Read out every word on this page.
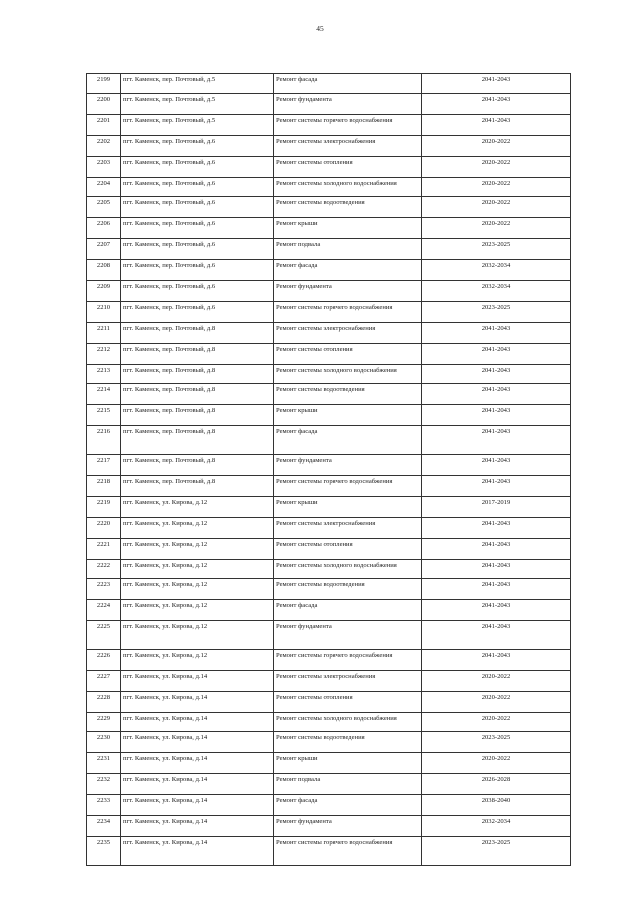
45
2199	пгт. Каменск, пер. Почтовый, д.5	Ремонт фасада	2041-2043
2200	пгт. Каменск, пер. Почтовый, д.5	Ремонт фундамента	2041-2043
2201	пгт. Каменск, пер. Почтовый, д.5	Ремонт системы горячего водоснабжения	2041-2043
2202	пгт. Каменск, пер. Почтовый, д.6	Ремонт системы электроснабжения	2020-2022
2203	пгт. Каменск, пер. Почтовый, д.6	Ремонт системы отопления	2020-2022
2204	пгт. Каменск, пер. Почтовый, д.6	Ремонт системы холодного водоснабжения	2020-2022
2205	пгт. Каменск, пер. Почтовый, д.6	Ремонт системы водоотведения	2020-2022
2206	пгт. Каменск, пер. Почтовый, д.6	Ремонт крыши	2020-2022
2207	пгт. Каменск, пер. Почтовый, д.6	Ремонт подвала	2023-2025
2208	пгт. Каменск, пер. Почтовый, д.6	Ремонт фасада	2032-2034
2209	пгт. Каменск, пер. Почтовый, д.6	Ремонт фундамента	2032-2034
2210	пгт. Каменск, пер. Почтовый, д.6	Ремонт системы горячего водоснабжения	2023-2025
2211	пгт. Каменск, пер. Почтовый, д.8	Ремонт системы электроснабжения	2041-2043
2212	пгт. Каменск, пер. Почтовый, д.8	Ремонт системы отопления	2041-2043
2213	пгт. Каменск, пер. Почтовый, д.8	Ремонт системы холодного водоснабжения	2041-2043
2214	пгт. Каменск, пер. Почтовый, д.8	Ремонт системы водоотведения	2041-2043
2215	пгт. Каменск, пер. Почтовый, д.8	Ремонт крыши	2041-2043
2216	пгт. Каменск, пер. Почтовый, д.8	Ремонт фасада	2041-2043
2217	пгт. Каменск, пер. Почтовый, д.8	Ремонт фундамента	2041-2043
2218	пгт. Каменск, пер. Почтовый, д.8	Ремонт системы горячего водоснабжения	2041-2043
2219	пгт. Каменск, ул. Кирова, д.12	Ремонт крыши	2017-2019
2220	пгт. Каменск, ул. Кирова, д.12	Ремонт системы электроснабжения	2041-2043
2221	пгт. Каменск, ул. Кирова, д.12	Ремонт системы отопления	2041-2043
2222	пгт. Каменск, ул. Кирова, д.12	Ремонт системы холодного водоснабжения	2041-2043
2223	пгт. Каменск, ул. Кирова, д.12	Ремонт системы водоотведения	2041-2043
2224	пгт. Каменск, ул. Кирова, д.12	Ремонт фасада	2041-2043
2225	пгт. Каменск, ул. Кирова, д.12	Ремонт фундамента	2041-2043
2226	пгт. Каменск, ул. Кирова, д.12	Ремонт системы горячего водоснабжения	2041-2043
2227	пгт. Каменск, ул. Кирова, д.14	Ремонт системы электроснабжения	2020-2022
2228	пгт. Каменск, ул. Кирова, д.14	Ремонт системы отопления	2020-2022
2229	пгт. Каменск, ул. Кирова, д.14	Ремонт системы холодного водоснабжения	2020-2022
2230	пгт. Каменск, ул. Кирова, д.14	Ремонт системы водоотведения	2023-2025
2231	пгт. Каменск, ул. Кирова, д.14	Ремонт крыши	2020-2022
2232	пгт. Каменск, ул. Кирова, д.14	Ремонт подвала	2026-2028
2233	пгт. Каменск, ул. Кирова, д.14	Ремонт фасада	2038-2040
2234	пгт. Каменск, ул. Кирова, д.14	Ремонт фундамента	2032-2034
2235	пгт. Каменск, ул. Кирова, д.14	Ремонт системы горячего водоснабжения	2023-2025
